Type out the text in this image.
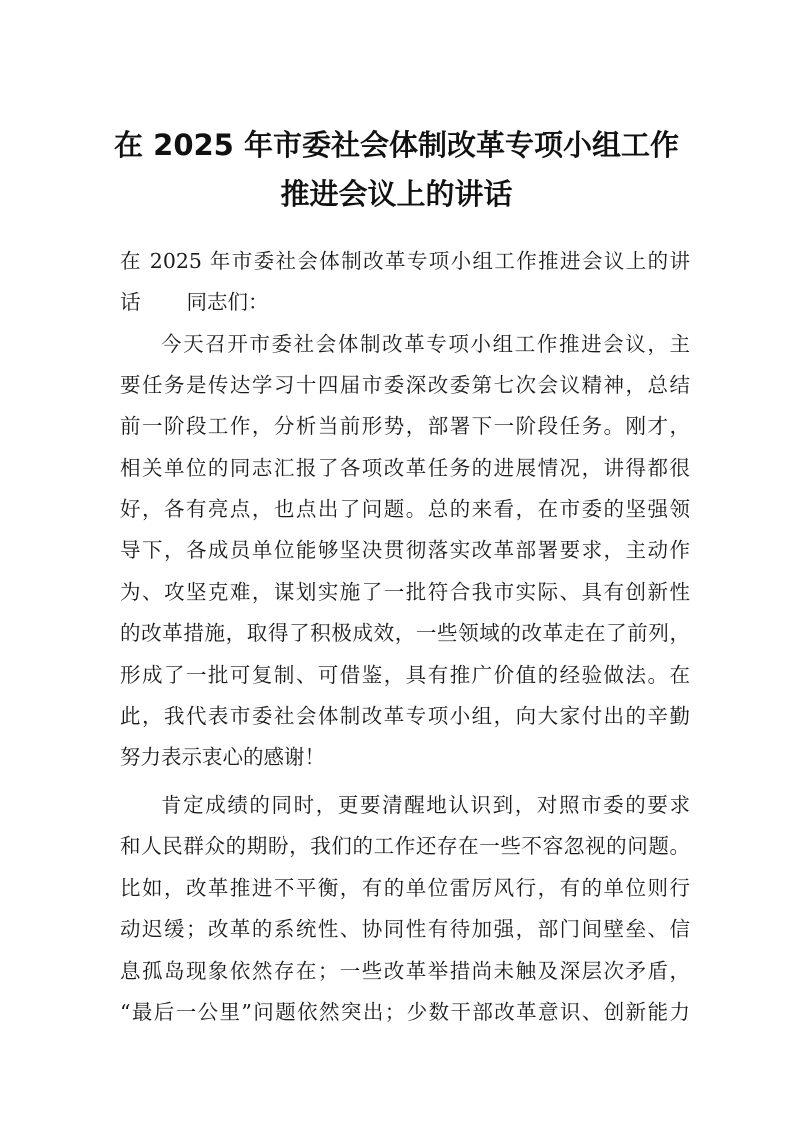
在 2025 年市委社会体制改革专项小组工作
推进会议上的讲话
在 2025 年市委社会体制改革专项小组工作推进会议上的讲
话 同志们：
今天召开市委社会体制改革专项小组工作推进会议，主
要任务是传达学习十四届市委深改委第七次会议精神，总结
前一阶段工作，分析当前形势，部署下一阶段任务。刚才，
相关单位的同志汇报了各项改革任务的进展情况，讲得都很
好，各有亮点，也点出了问题。总的来看，在市委的坚强领
导下，各成员单位能够坚决贯彻落实改革部署要求，主动作
为、攻坚克难，谋划实施了一批符合我市实际、具有创新性
的改革措施，取得了积极成效，一些领域的改革走在了前列，
形成了一批可复制、可借鉴，具有推广价值的经验做法。在
此，我代表市委社会体制改革专项小组，向大家付出的辛勤
努力表示衷心的感谢！
肯定成绩的同时，更要清醒地认识到，对照市委的要求
和人民群众的期盼，我们的工作还存在一些不容忽视的问题。
比如，改革推进不平衡，有的单位雷厉风行，有的单位则行
动迟缓；改革的系统性、协同性有待加强，部门间壁垒、信
息孤岛现象依然存在；一些改革举措尚未触及深层次矛盾，
“最后一公里”问题依然突出；少数干部改革意识、创新能力
